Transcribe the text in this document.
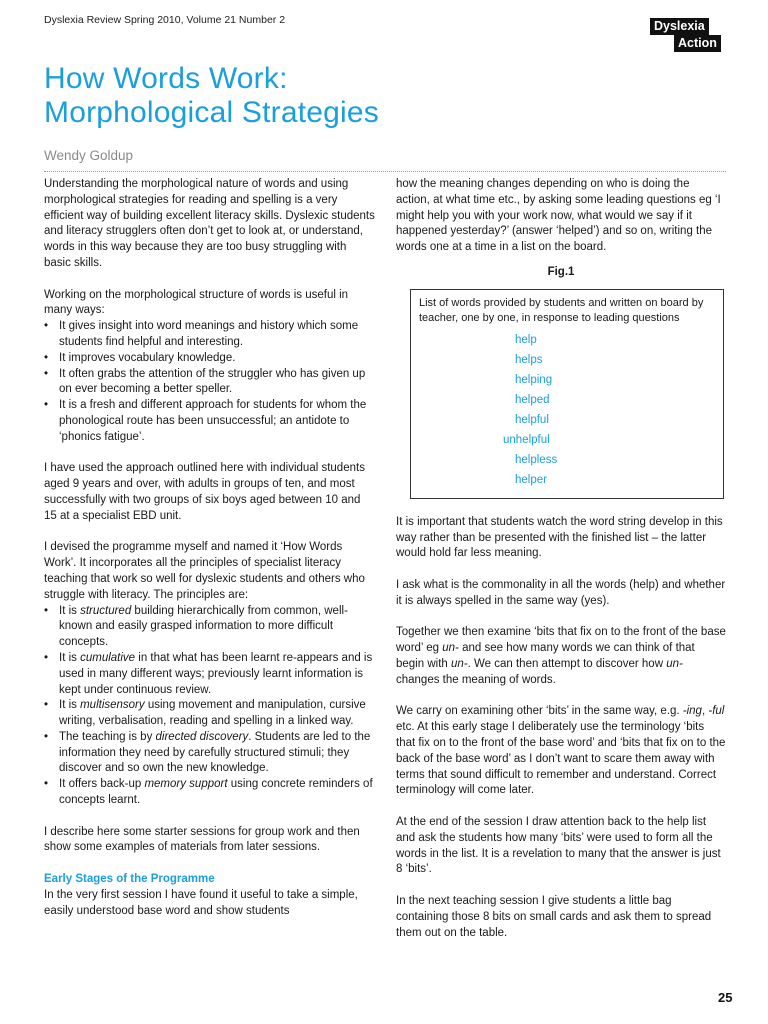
Dyslexia Review Spring 2010, Volume 21 Number 2	Dyslexia
Action
How Words Work:
Morphological Strategies
Wendy Goldup

Understanding the morphological nature of words and using morphological strategies for reading and spelling is a very efficient way of building excellent literacy skills. Dyslexic students and literacy strugglers often don’t get to look at, or understand, words in this way because they are too busy struggling with basic skills.

Working on the morphological structure of words is useful in many ways:

• It gives insight into word meanings and history which some students find helpful and interesting.
• It improves vocabulary knowledge.
• It often grabs the attention of the struggler who has given up on ever becoming a better speller.
• It is a fresh and different approach for students for whom the phonological route has been unsuccessful; an antidote to ‘phonics fatigue’.

I have used the approach outlined here with individual students aged 9 years and over, with adults in groups of ten, and most successfully with two groups of six boys aged between 10 and 15 at a specialist EBD unit.

I devised the programme myself and named it ‘How Words Work’. It incorporates all the principles of specialist literacy teaching that work so well for dyslexic students and others who struggle with literacy. The principles are:

• It is structured building hierarchically from common, well-known and easily grasped information to more difficult concepts.
• It is cumulative in that what has been learnt re-appears and is used in many different ways; previously learnt information is kept under continuous review.
• It is multisensory using movement and manipulation, cursive writing, verbalisation, reading and spelling in a linked way.
• The teaching is by directed discovery. Students are led to the information they need by carefully structured stimuli; they discover and so own the new knowledge.
• It offers back-up memory support using concrete reminders of concepts learnt.

I describe here some starter sessions for group work and then show some examples of materials from later sessions.

Early Stages of the Programme

In the very first session I have found it useful to take a simple, easily understood base word and show students

how the meaning changes depending on who is doing the action, at what time etc., by asking some leading questions eg ‘I might help you with your work now, what would we say if it happened yesterday?’ (answer ‘helped’) and so on, writing the words one at a time in a list on the board.

Fig.1
List of words provided by students and written on board by teacher, one by one, in response to leading questions
help
helps
helping
helped
helpful
unhelpful
helpless
helper

It is important that students watch the word string develop in this way rather than be presented with the finished list – the latter would hold far less meaning.

I ask what is the commonality in all the words (help) and whether it is always spelled in the same way (yes).

Together we then examine ‘bits that fix on to the front of the base word’ eg un- and see how many words we can think of that begin with un-. We can then attempt to discover how un- changes the meaning of words.

We carry on examining other ‘bits’ in the same way, e.g. -ing, -ful etc. At this early stage I deliberately use the terminology ‘bits that fix on to the front of the base word’ and ‘bits that fix on to the back of the base word’ as I don’t want to scare them away with terms that sound difficult to remember and understand. Correct terminology will come later.

At the end of the session I draw attention back to the help list and ask the students how many ‘bits’ were used to form all the words in the list. It is a revelation to many that the answer is just 8 ‘bits’.

In the next teaching session I give students a little bag containing those 8 bits on small cards and ask them to spread them out on the table.

25
